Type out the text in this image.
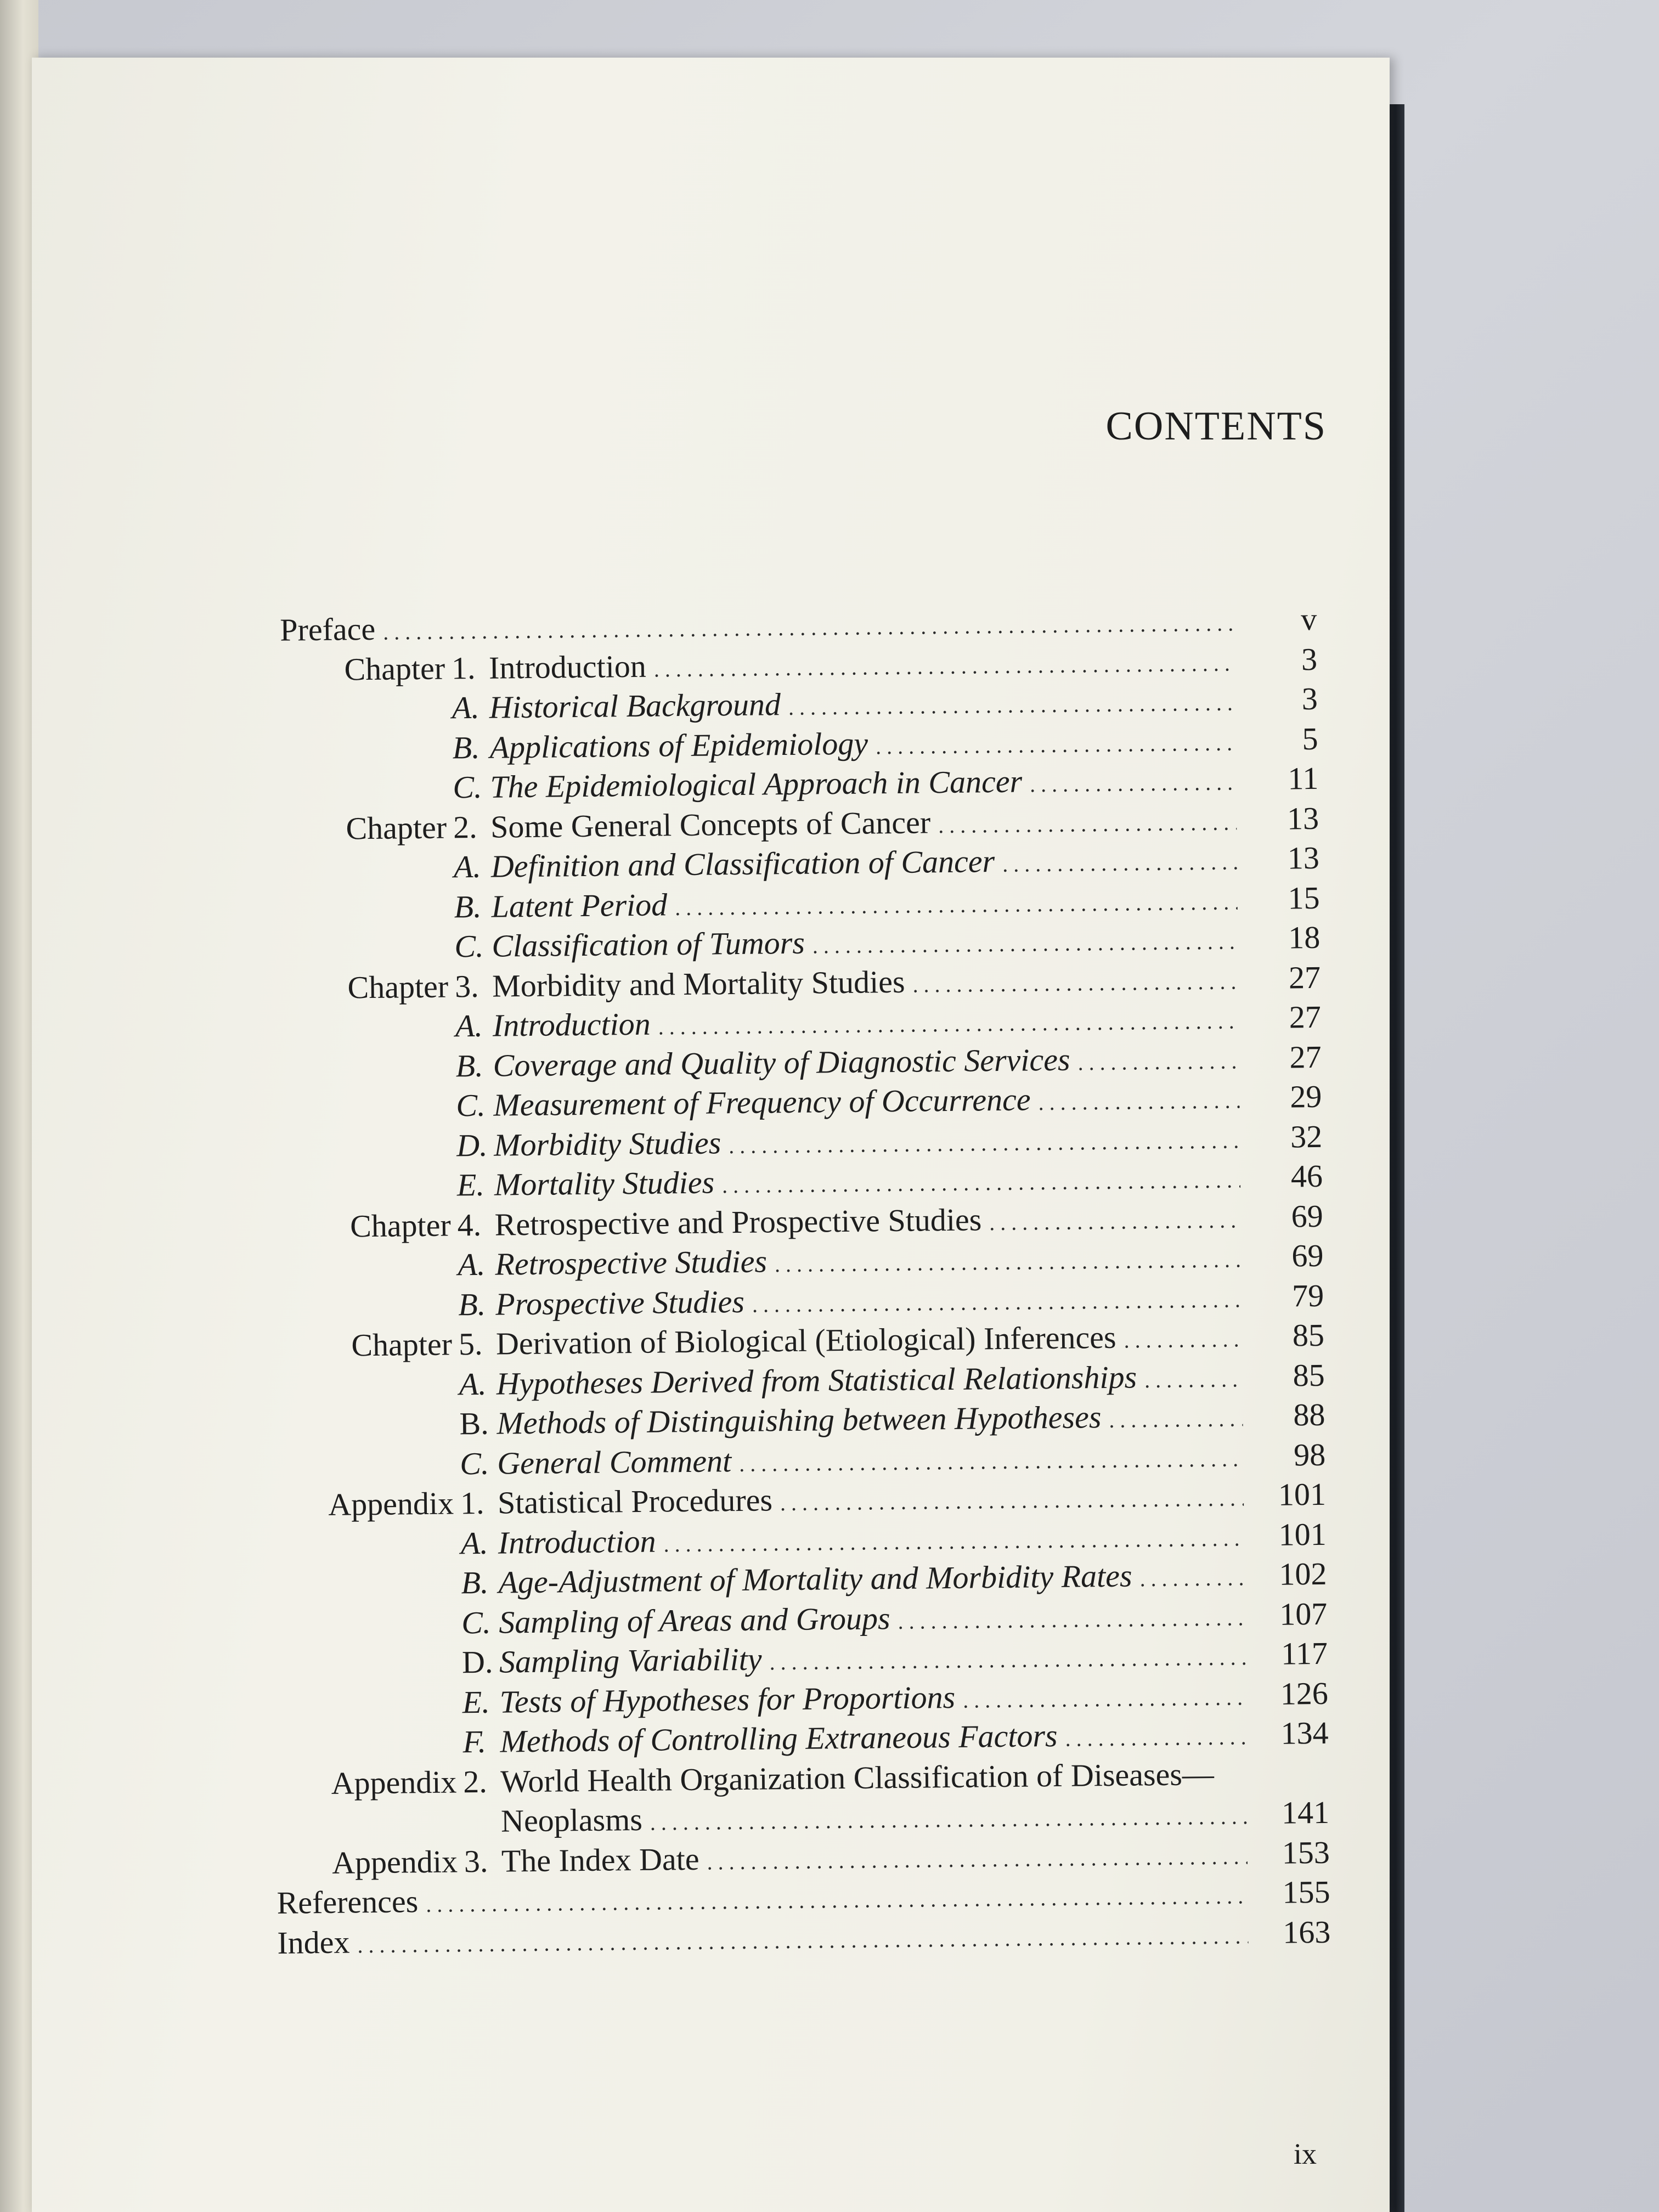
CONTENTS
ix
Preface . . .	v
Chapter 1. Introduction . . .	3
A. Historical Background . . .	3
B. Applications of Epidemiology . . .	5
C. The Epidemiological Approach in Cancer . . .	11
Chapter 2. Some General Concepts of Cancer . . .	13
A. Definition and Classification of Cancer . . .	13
B. Latent Period . . .	15
C. Classification of Tumors . . .	18
Chapter 3. Morbidity and Mortality Studies . . .	27
A. Introduction . . .	27
B. Coverage and Quality of Diagnostic Services . . .	27
C. Measurement of Frequency of Occurrence . . .	29
D. Morbidity Studies . . .	32
E. Mortality Studies . . .	46
Chapter 4. Retrospective and Prospective Studies . . .	69
A. Retrospective Studies . . .	69
B. Prospective Studies . . .	79
Chapter 5. Derivation of Biological (Etiological) Inferences . . .	85
A. Hypotheses Derived from Statistical Relationships . . .	85
B. Methods of Distinguishing between Hypotheses . . .	88
C. General Comment . . .	98
Appendix 1. Statistical Procedures . . .	101
A. Introduction . . .	101
B. Age-Adjustment of Mortality and Morbidity Rates . . .	102
C. Sampling of Areas and Groups . . .	107
D. Sampling Variability . . .	117
E. Tests of Hypotheses for Proportions . . .	126
F. Methods of Controlling Extraneous Factors . . .	134
Appendix 2. World Health Organization Classification of Diseases—
Neoplasms . . .	141
Appendix 3. The Index Date . . .	153
References . . .	155
Index . . .	163
